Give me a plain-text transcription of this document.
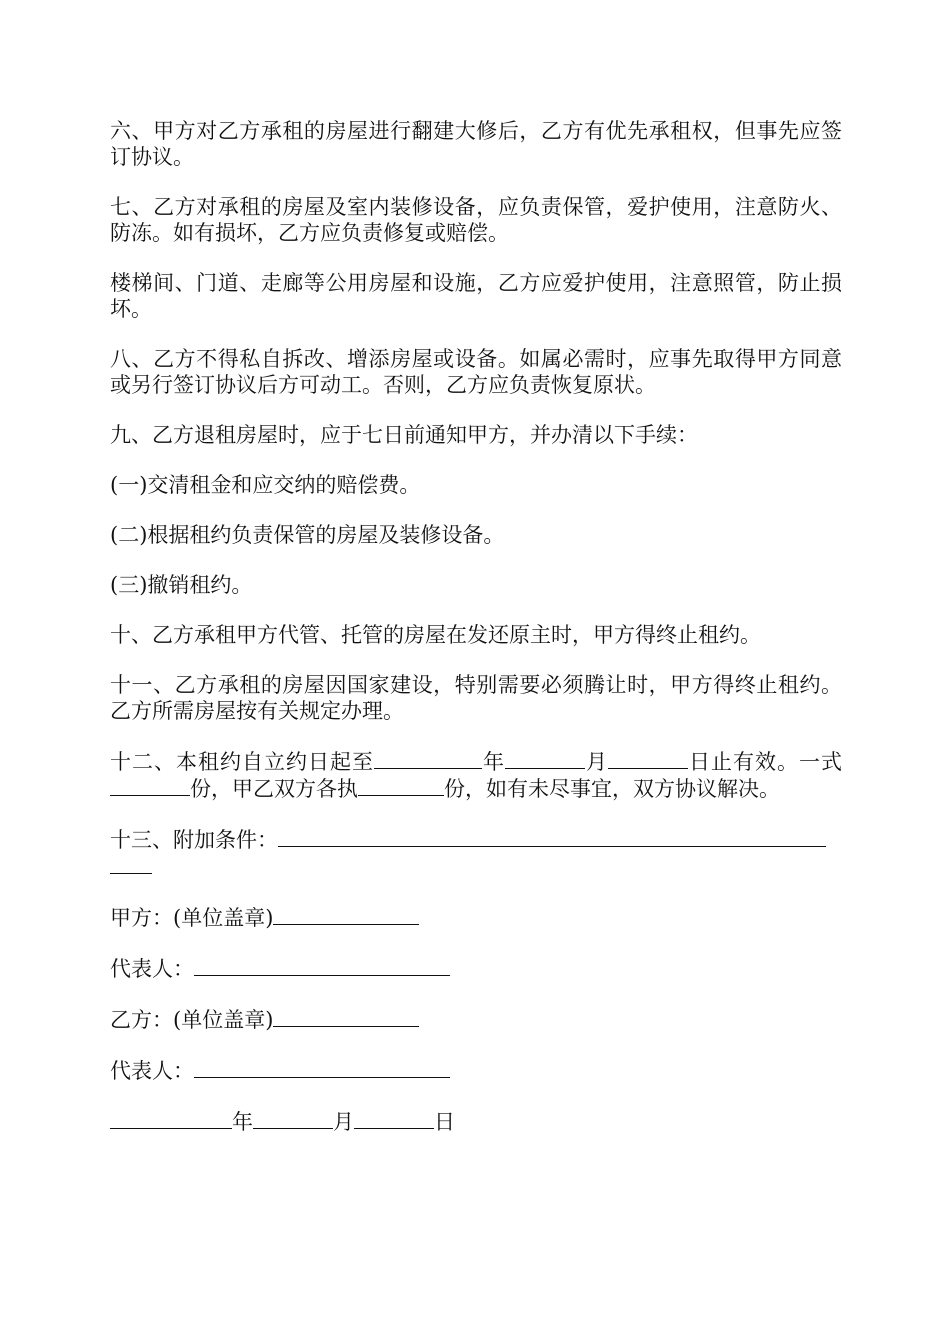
六、甲方对乙方承租的房屋进行翻建大修后，乙方有优先承租权，但事先应签订协议。

七、乙方对承租的房屋及室内装修设备，应负责保管，爱护使用，注意防火、防冻。如有损坏，乙方应负责修复或赔偿。

楼梯间、门道、走廊等公用房屋和设施，乙方应爱护使用，注意照管，防止损坏。

八、乙方不得私自拆改、增添房屋或设备。如属必需时，应事先取得甲方同意或另行签订协议后方可动工。否则，乙方应负责恢复原状。

九、乙方退租房屋时，应于七日前通知甲方，并办清以下手续：

(一)交清租金和应交纳的赔偿费。

(二)根据租约负责保管的房屋及装修设备。

(三)撤销租约。

十、乙方承租甲方代管、托管的房屋在发还原主时，甲方得终止租约。

十一、乙方承租的房屋因国家建设，特别需要必须腾让时，甲方得终止租约。乙方所需房屋按有关规定办理。

十二、本租约自立约日起至	年	月	日止有效。一式份，甲乙双方各执	份，如有未尽事宜，双方协议解决。

十三、附加条件：

甲方：(单位盖章)

代表人：

乙方：(单位盖章)

代表人：

年	月	日
